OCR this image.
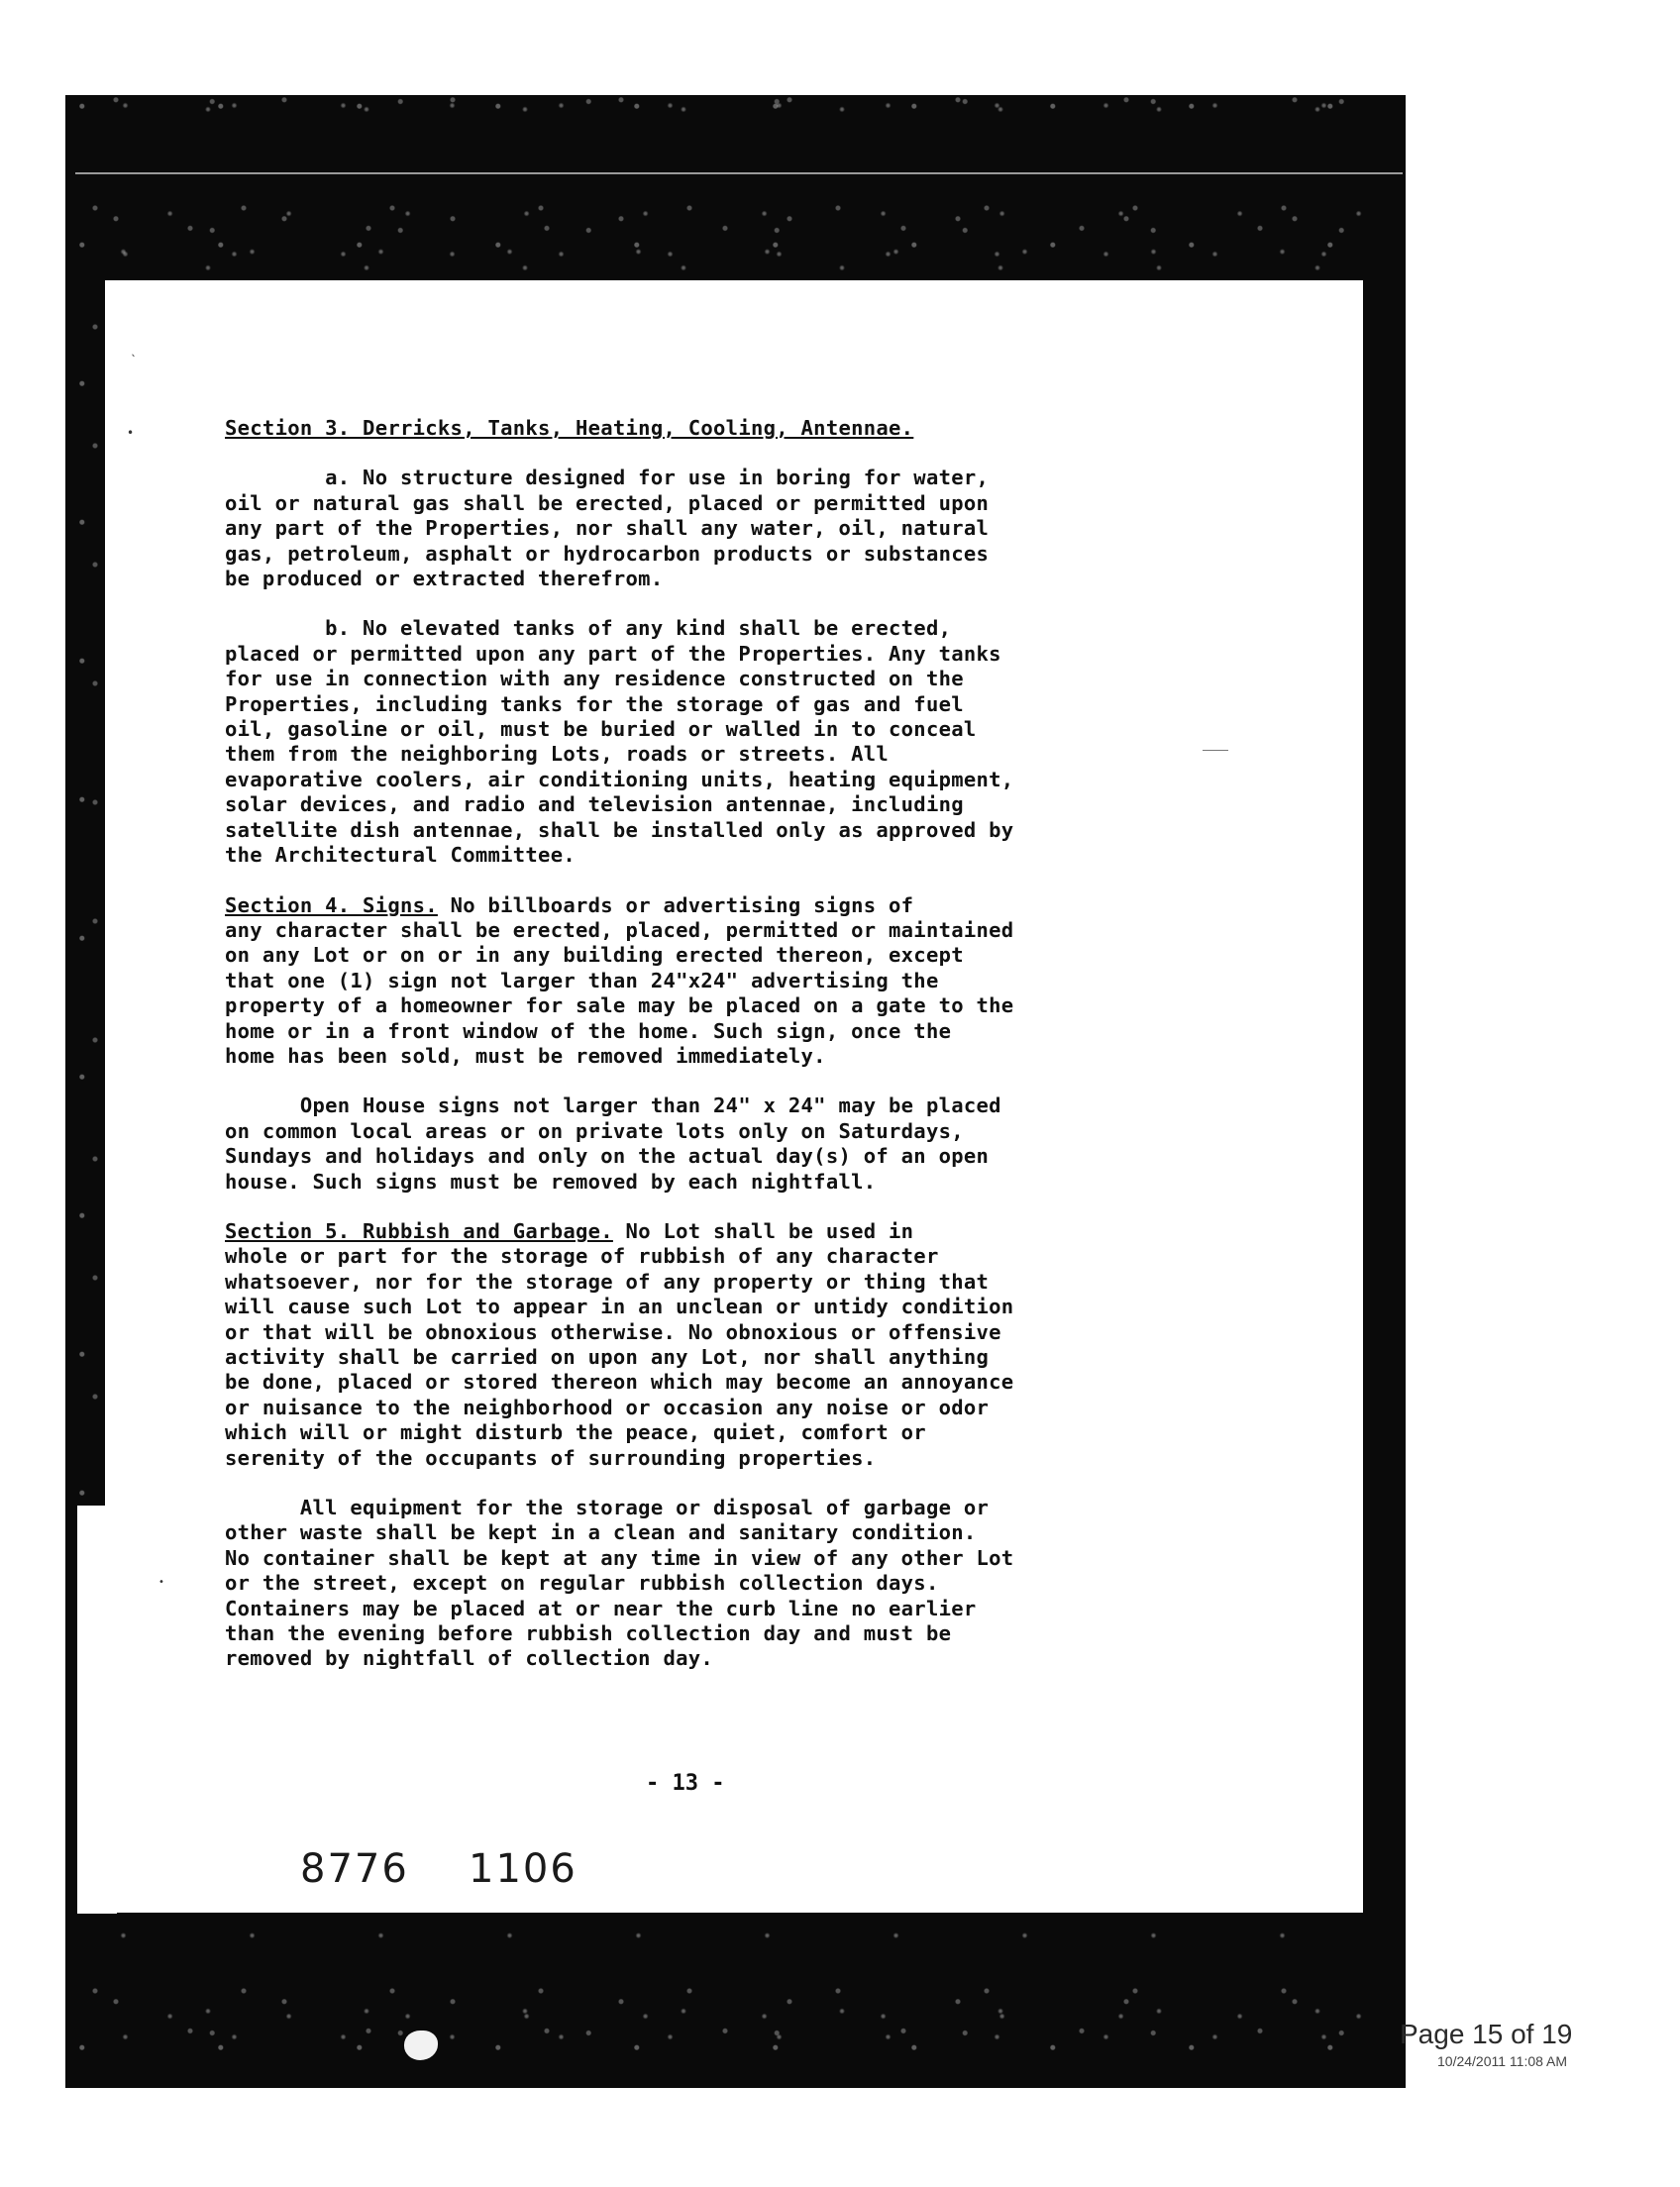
ˎ
•
•
Section 3. Derricks, Tanks, Heating, Cooling, Antennae.
a. No structure designed for use in boring for water,
oil or natural gas shall be erected, placed or permitted upon
any part of the Properties, nor shall any water, oil, natural
gas, petroleum, asphalt or hydrocarbon products or substances
be produced or extracted therefrom.
b. No elevated tanks of any kind shall be erected,
placed or permitted upon any part of the Properties. Any tanks
for use in connection with any residence constructed on the
Properties, including tanks for the storage of gas and fuel
oil, gasoline or oil, must be buried or walled in to conceal
them from the neighboring Lots, roads or streets. All
evaporative coolers, air conditioning units, heating equipment,
solar devices, and radio and television antennae, including
satellite dish antennae, shall be installed only as approved by
the Architectural Committee.
Section 4. Signs. No billboards or advertising signs of
any character shall be erected, placed, permitted or maintained
on any Lot or on or in any building erected thereon, except
that one (1) sign not larger than 24"x24" advertising the
property of a homeowner for sale may be placed on a gate to the
home or in a front window of the home. Such sign, once the
home has been sold, must be removed immediately.
Open House signs not larger than 24" x 24" may be placed
on common local areas or on private lots only on Saturdays,
Sundays and holidays and only on the actual day(s) of an open
house. Such signs must be removed by each nightfall.
Section 5. Rubbish and Garbage. No Lot shall be used in
whole or part for the storage of rubbish of any character
whatsoever, nor for the storage of any property or thing that
will cause such Lot to appear in an unclean or untidy condition
or that will be obnoxious otherwise. No obnoxious or offensive
activity shall be carried on upon any Lot, nor shall anything
be done, placed or stored thereon which may become an annoyance
or nuisance to the neighborhood or occasion any noise or odor
which will or might disturb the peace, quiet, comfort or
serenity of the occupants of surrounding properties.
All equipment for the storage or disposal of garbage or
other waste shall be kept in a clean and sanitary condition.
No container shall be kept at any time in view of any other Lot
or the street, except on regular rubbish collection days.
Containers may be placed at or near the curb line no earlier
than the evening before rubbish collection day and must be
removed by nightfall of collection day.
- 13 -
8776 1106
Page 15 of 19
10/24/2011 11:08 AM
